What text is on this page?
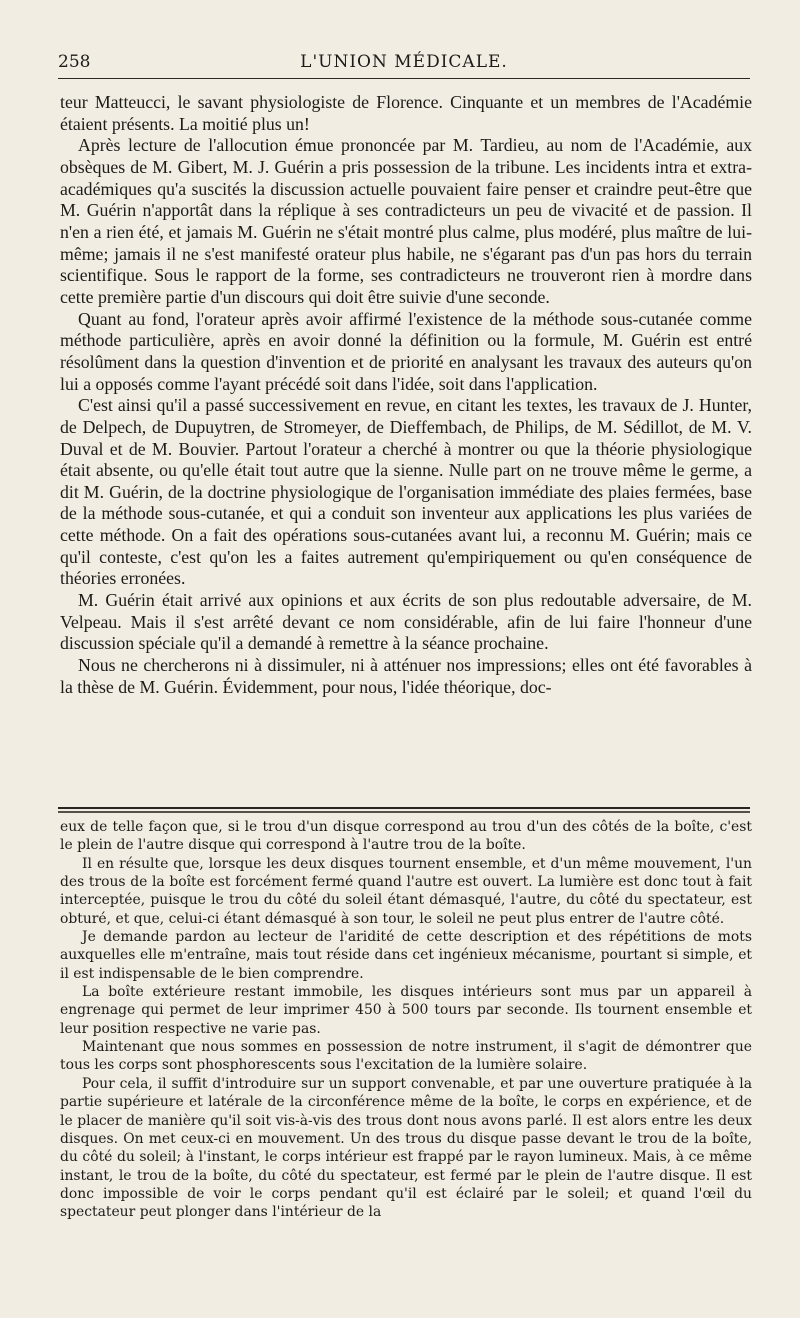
258	L'UNION MÉDICALE.

teur Matteucci, le savant physiologiste de Florence. Cinquante et un membres de l'Académie étaient présents. La moitié plus un!

Après lecture de l'allocution émue prononcée par M. Tardieu, au nom de l'Académie, aux obsèques de M. Gibert, M. J. Guérin a pris possession de la tribune. Les incidents intra et extra-académiques qu'a suscités la discussion actuelle pouvaient faire penser et craindre peut-être que M. Guérin n'apportât dans la réplique à ses contradicteurs un peu de vivacité et de passion. Il n'en a rien été, et jamais M. Guérin ne s'était montré plus calme, plus modéré, plus maître de lui-même; jamais il ne s'est manifesté orateur plus habile, ne s'égarant pas d'un pas hors du terrain scientifique. Sous le rapport de la forme, ses contradicteurs ne trouveront rien à mordre dans cette première partie d'un discours qui doit être suivie d'une seconde.

Quant au fond, l'orateur après avoir affirmé l'existence de la méthode sous-cutanée comme méthode particulière, après en avoir donné la définition ou la formule, M. Guérin est entré résolûment dans la question d'invention et de priorité en analysant les travaux des auteurs qu'on lui a opposés comme l'ayant précédé soit dans l'idée, soit dans l'application.

C'est ainsi qu'il a passé successivement en revue, en citant les textes, les travaux de J. Hunter, de Delpech, de Dupuytren, de Stromeyer, de Dieffembach, de Philips, de M. Sédillot, de M. V. Duval et de M. Bouvier. Partout l'orateur a cherché à montrer ou que la théorie physiologique était absente, ou qu'elle était tout autre que la sienne. Nulle part on ne trouve même le germe, a dit M. Guérin, de la doctrine physiologique de l'organisation immédiate des plaies fermées, base de la méthode sous-cutanée, et qui a conduit son inventeur aux applications les plus variées de cette méthode. On a fait des opérations sous-cutanées avant lui, a reconnu M. Guérin; mais ce qu'il conteste, c'est qu'on les a faites autrement qu'empiriquement ou qu'en conséquence de théories erronées.

M. Guérin était arrivé aux opinions et aux écrits de son plus redoutable adversaire, de M. Velpeau. Mais il s'est arrêté devant ce nom considérable, afin de lui faire l'honneur d'une discussion spéciale qu'il a demandé à remettre à la séance prochaine.

Nous ne chercherons ni à dissimuler, ni à atténuer nos impressions; elles ont été favorables à la thèse de M. Guérin. Évidemment, pour nous, l'idée théorique, doc-

eux de telle façon que, si le trou d'un disque correspond au trou d'un des côtés de la boîte, c'est le plein de l'autre disque qui correspond à l'autre trou de la boîte.

Il en résulte que, lorsque les deux disques tournent ensemble, et d'un même mouvement, l'un des trous de la boîte est forcément fermé quand l'autre est ouvert. La lumière est donc tout à fait interceptée, puisque le trou du côté du soleil étant démasqué, l'autre, du côté du spectateur, est obturé, et que, celui-ci étant démasqué à son tour, le soleil ne peut plus entrer de l'autre côté.

Je demande pardon au lecteur de l'aridité de cette description et des répétitions de mots auxquelles elle m'entraîne, mais tout réside dans cet ingénieux mécanisme, pourtant si simple, et il est indispensable de le bien comprendre.

La boîte extérieure restant immobile, les disques intérieurs sont mus par un appareil à engrenage qui permet de leur imprimer 450 à 500 tours par seconde. Ils tournent ensemble et leur position respective ne varie pas.

Maintenant que nous sommes en possession de notre instrument, il s'agit de démontrer que tous les corps sont phosphorescents sous l'excitation de la lumière solaire.

Pour cela, il suffit d'introduire sur un support convenable, et par une ouverture pratiquée à la partie supérieure et latérale de la circonférence même de la boîte, le corps en expérience, et de le placer de manière qu'il soit vis-à-vis des trous dont nous avons parlé. Il est alors entre les deux disques. On met ceux-ci en mouvement. Un des trous du disque passe devant le trou de la boîte, du côté du soleil; à l'instant, le corps intérieur est frappé par le rayon lumineux. Mais, à ce même instant, le trou de la boîte, du côté du spectateur, est fermé par le plein de l'autre disque. Il est donc impossible de voir le corps pendant qu'il est éclairé par le soleil; et quand l'œil du spectateur peut plonger dans l'intérieur de la
